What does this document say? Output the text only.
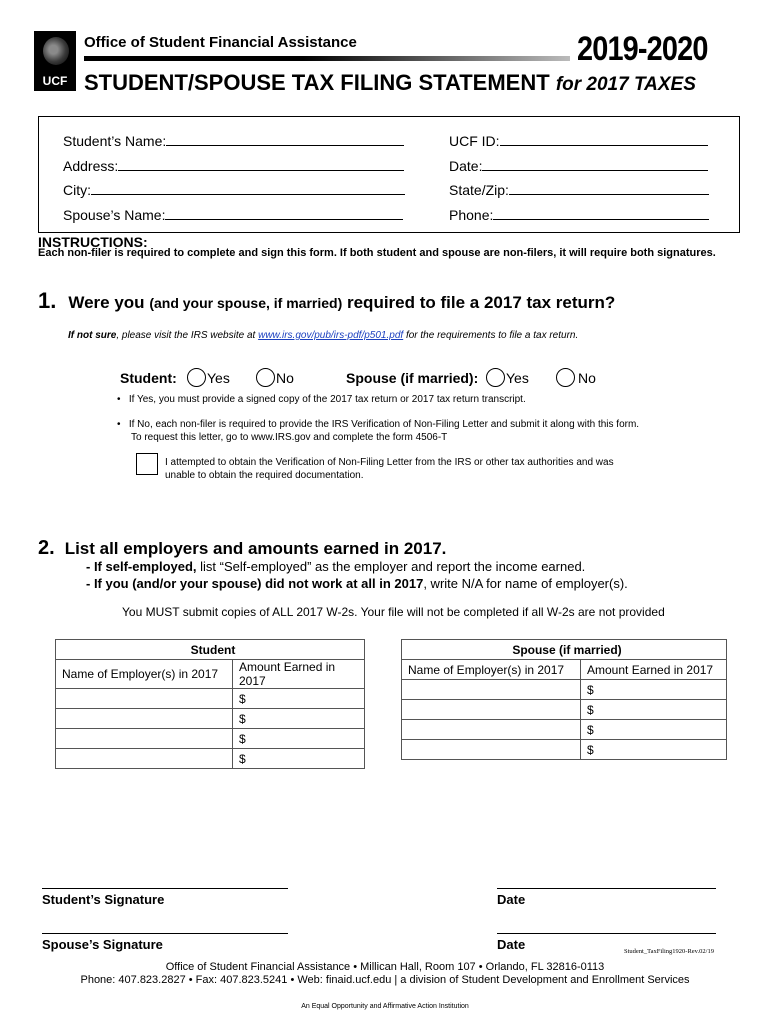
UCF
Office of Student Financial Assistance	2019-2020
STUDENT/SPOUSE TAX FILING STATEMENT for 2017 TAXES
Student’s Name:	UCF ID:
Address:	Date:
City:	State/Zip:
Spouse’s Name:	Phone:
INSTRUCTIONS:
Each non-filer is required to complete and sign this form. If both student and spouse are non-filers, it will require both signatures.
1. Were you (and your spouse, if married) required to file a 2017 tax return?
If not sure, please visit the IRS website at www.irs.gov/pub/irs-pdf/p501.pdf for the requirements to file a tax return.
Student: Yes	No	Spouse (if married): Yes	No
•   If Yes, you must provide a signed copy of the 2017 tax return or 2017 tax return transcript.
•   If No, each non-filer is required to provide the IRS Verification of Non-Filing Letter and submit it along with this form.
To request this letter, go to www.IRS.gov and complete the form 4506-T
I attempted to obtain the Verification of Non-Filing Letter from the IRS or other tax authorities and was unable to obtain the required documentation.
2. List all employers and amounts earned in 2017.
- If self-employed, list “Self-employed” as the employer and report the income earned.
- If you (and/or your spouse) did not work at all in 2017, write N/A for name of employer(s).
You MUST submit copies of ALL 2017 W-2s. Your file will not be completed if all W-2s are not provided
Student	
Name of Employer(s) in 2017	Amount Earned in 2017
	$
	$
	$
	$
Spouse (if married)	
Name of Employer(s) in 2017	Amount Earned in 2017
	$
	$
	$
	$
Student’s Signature	Date
Spouse’s Signature	Date	Student_TaxFiling1920-Rev.02/19
Office of Student Financial Assistance • Millican Hall, Room 107 • Orlando, FL 32816-0113
Phone: 407.823.2827 • Fax: 407.823.5241 • Web: finaid.ucf.edu | a division of Student Development and Enrollment Services
An Equal Opportunity and Affirmative Action Institution
